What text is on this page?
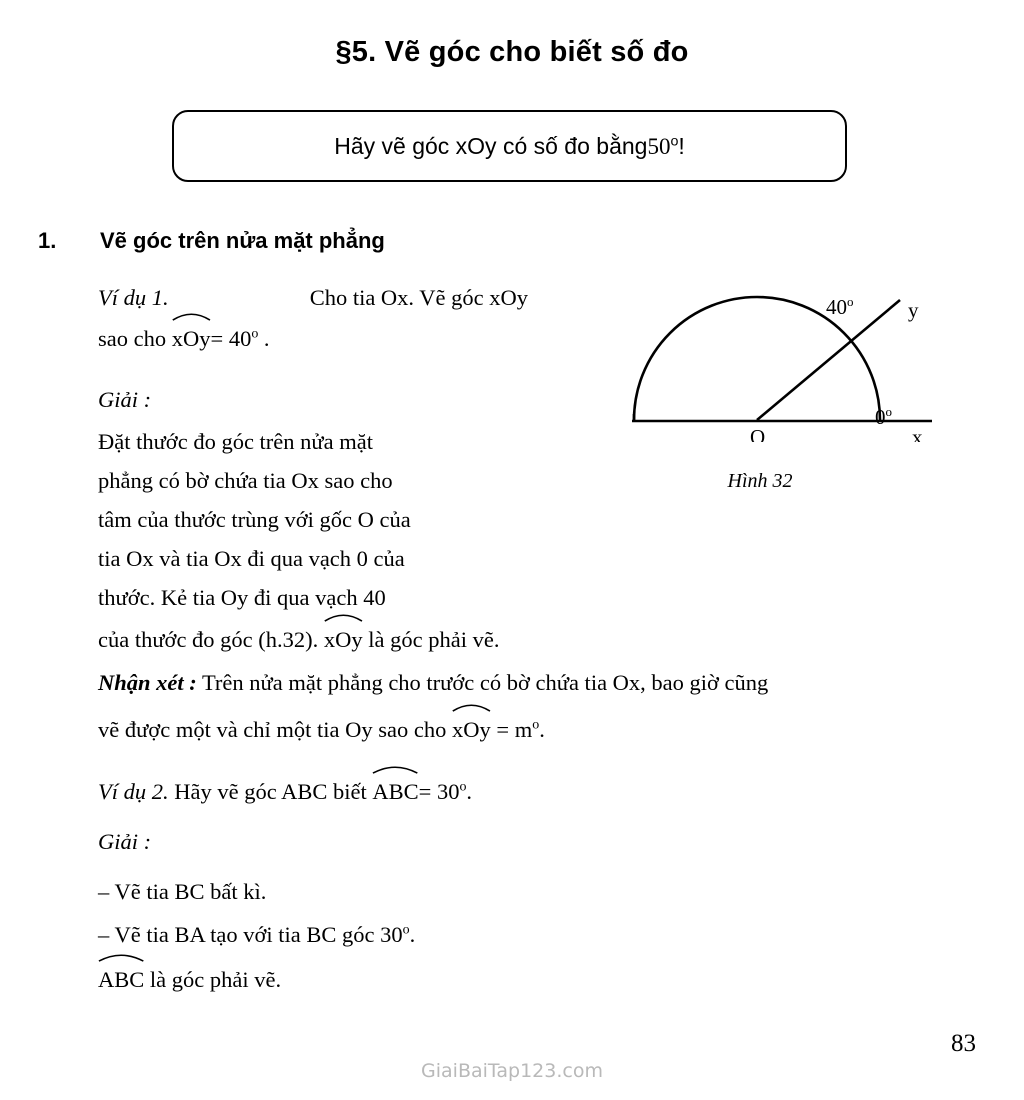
§5. Vẽ góc cho biết số đo
Hãy vẽ góc xOy có số đo bằng50$^o$!
1. Vẽ góc trên nửa mặt phẳng
Ví dụ 1.	Cho tia Ox. Vẽ góc xOy
sao cho $xOy= 40^o$ .
Giải :
Đặt thước đo góc trên nửa mặt
phẳng có bờ chứa tia Ox sao cho
tâm của thước trùng với gốc O của
tia Ox và tia Ox đi qua vạch 0 của
thước. Kẻ tia Oy đi qua vạch 40
của thước đo góc (h.32). xOy là góc phải vẽ.
Nhận xét : Trên nửa mặt phẳng cho trước có bờ chứa tia Ox, bao giờ cũng
vẽ được một và chỉ một tia Oy sao cho xOy = $m^o$.
Ví dụ 2. Hãy vẽ góc ABC biết $ABC= 30^o$.
Giải :
– Vẽ tia BC bất kì.
– Vẽ tia BA tạo với tia BC góc 30$^o$.
ABC là góc phải vẽ.
40$^o$
0$^o$
y
O	x
Hình 32
GiaiBaiTap123.com
83
